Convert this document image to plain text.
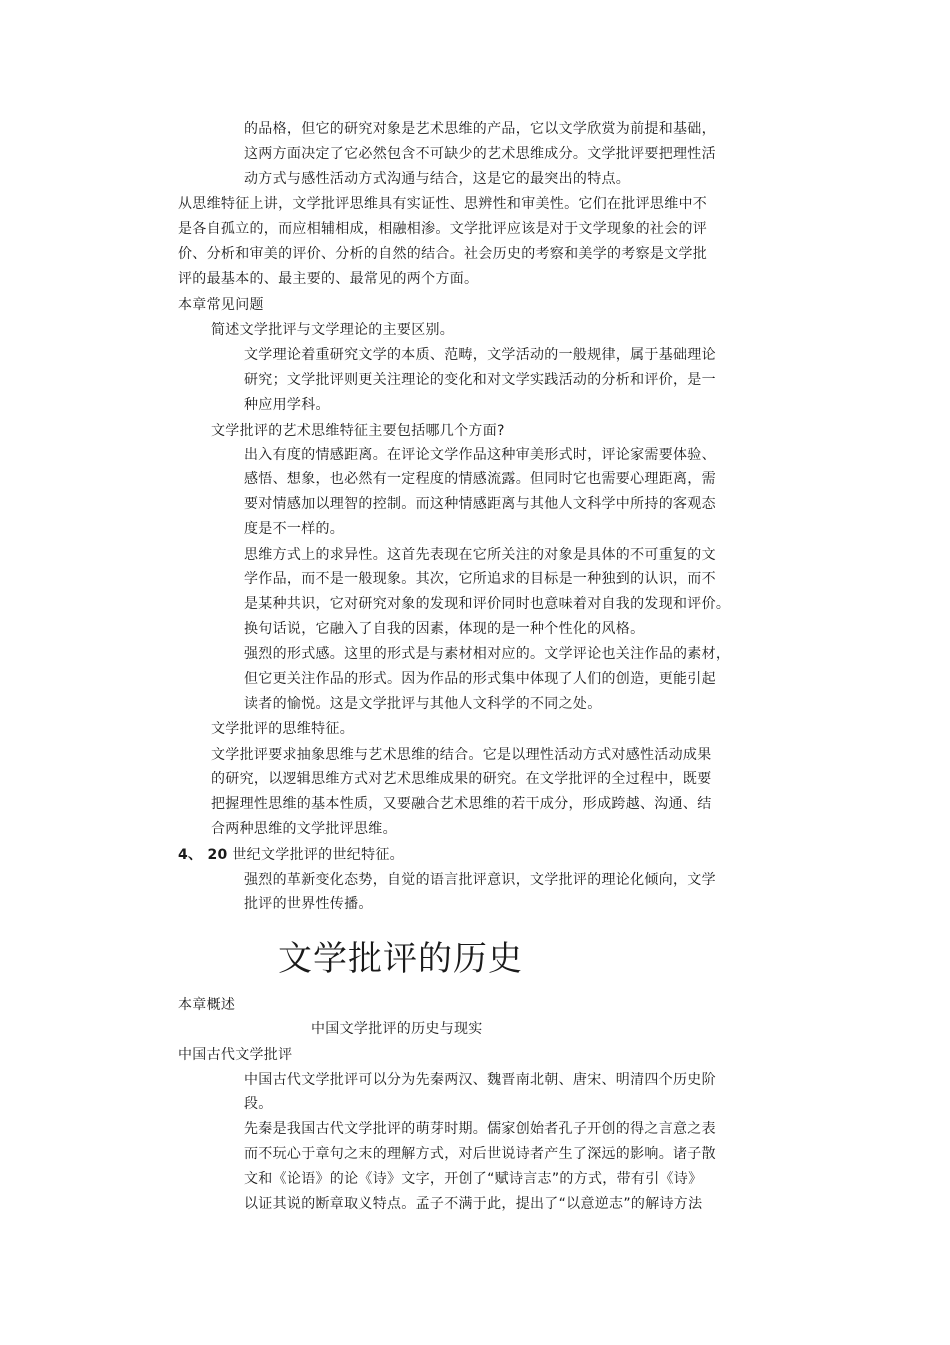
的品格，但它的研究对象是艺术思维的产品，它以文学欣赏为前提和基础，
这两方面决定了它必然包含不可缺少的艺术思维成分。文学批评要把理性活
动方式与感性活动方式沟通与结合，这是它的最突出的特点。
从思维特征上讲，文学批评思维具有实证性、思辨性和审美性。它们在批评思维中不
是各自孤立的，而应相辅相成，相融相渗。文学批评应该是对于文学现象的社会的评
价、分析和审美的评价、分析的自然的结合。社会历史的考察和美学的考察是文学批
评的最基本的、最主要的、最常见的两个方面。
本章常见问题
简述文学批评与文学理论的主要区别。
文学理论着重研究文学的本质、范畴，文学活动的一般规律，属于基础理论
研究；文学批评则更关注理论的变化和对文学实践活动的分析和评价，是一
种应用学科。
文学批评的艺术思维特征主要包括哪几个方面?
出入有度的情感距离。在评论文学作品这种审美形式时，评论家需要体验、
感悟、想象，也必然有一定程度的情感流露。但同时它也需要心理距离，需
要对情感加以理智的控制。而这种情感距离与其他人文科学中所持的客观态
度是不一样的。
思维方式上的求异性。这首先表现在它所关注的对象是具体的不可重复的文
学作品，而不是一般现象。其次，它所追求的目标是一种独到的认识，而不
是某种共识，它对研究对象的发现和评价同时也意味着对自我的发现和评价。
换句话说，它融入了自我的因素，体现的是一种个性化的风格。
强烈的形式感。这里的形式是与素材相对应的。文学评论也关注作品的素材，
但它更关注作品的形式。因为作品的形式集中体现了人们的创造，更能引起
读者的愉悦。这是文学批评与其他人文科学的不同之处。
文学批评的思维特征。
文学批评要求抽象思维与艺术思维的结合。它是以理性活动方式对感性活动成果
的研究，以逻辑思维方式对艺术思维成果的研究。在文学批评的全过程中，既要
把握理性思维的基本性质，又要融合艺术思维的若干成分，形成跨越、沟通、结
合两种思维的文学批评思维。
4、 20 世纪文学批评的世纪特征。
强烈的革新变化态势，自觉的语言批评意识，文学批评的理论化倾向，文学
批评的世界性传播。
文学批评的历史
本章概述
中国文学批评的历史与现实
中国古代文学批评
中国古代文学批评可以分为先秦两汉、魏晋南北朝、唐宋、明清四个历史阶
段。
先秦是我国古代文学批评的萌芽时期。儒家创始者孔子开创的得之言意之表
而不玩心于章句之末的理解方式，对后世说诗者产生了深远的影响。诸子散
文和《论语》的论《诗》文字，开创了“赋诗言志”的方式，带有引《诗》
以证其说的断章取义特点。孟子不满于此，提出了“以意逆志”的解诗方法
